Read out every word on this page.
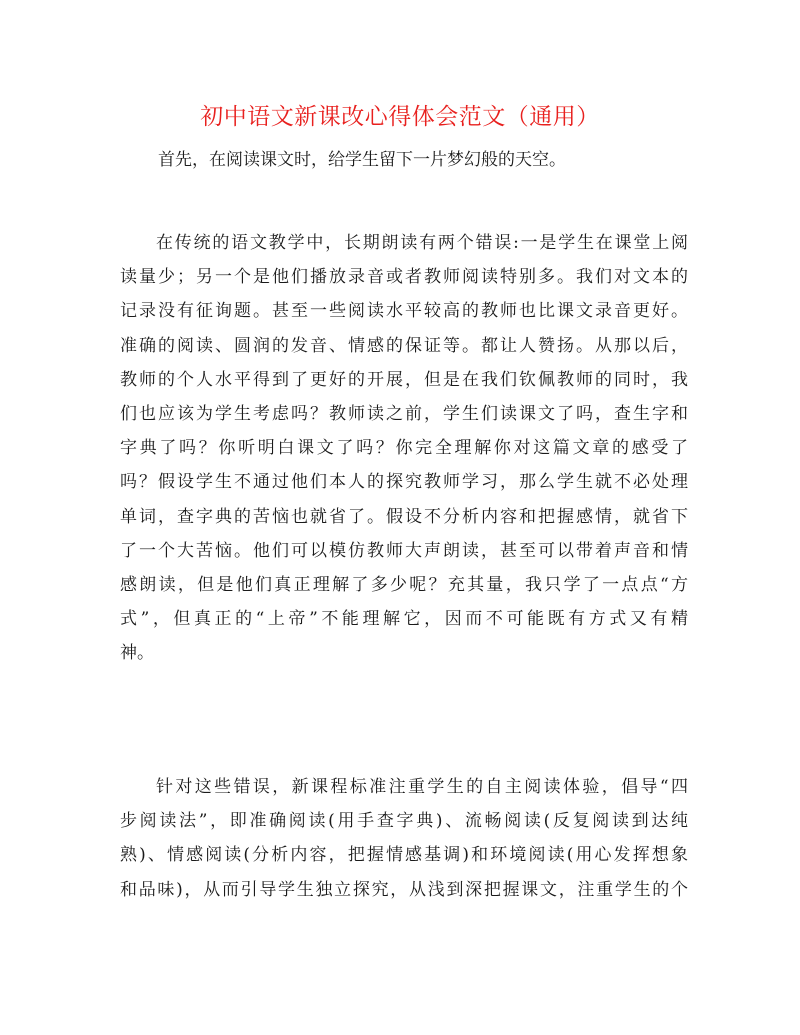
初中语文新课改心得体会范文（通用）

首先，在阅读课文时，给学生留下一片梦幻般的天空。

在传统的语文教学中，长期朗读有两个错误:一是学生在课堂上阅
读量少；另一个是他们播放录音或者教师阅读特别多。我们对文本的
记录没有征询题。甚至一些阅读水平较高的教师也比课文录音更好。
准确的阅读、圆润的发音、情感的保证等。都让人赞扬。从那以后，
教师的个人水平得到了更好的开展，但是在我们钦佩教师的同时，我
们也应该为学生考虑吗？教师读之前，学生们读课文了吗，查生字和
字典了吗？你听明白课文了吗？你完全理解你对这篇文章的感受了
吗？假设学生不通过他们本人的探究教师学习，那么学生就不必处理
单词，查字典的苦恼也就省了。假设不分析内容和把握感情，就省下
了一个大苦恼。他们可以模仿教师大声朗读，甚至可以带着声音和情
感朗读，但是他们真正理解了多少呢？充其量，我只学了一点点“方
式”，但真正的“上帝”不能理解它，因而不可能既有方式又有精
神。
针对这些错误，新课程标准注重学生的自主阅读体验，倡导“四
步阅读法”，即准确阅读(用手查字典)、流畅阅读(反复阅读到达纯
熟)、情感阅读(分析内容，把握情感基调)和环境阅读(用心发挥想象
和品味)，从而引导学生独立探究，从浅到深把握课文，注重学生的个
